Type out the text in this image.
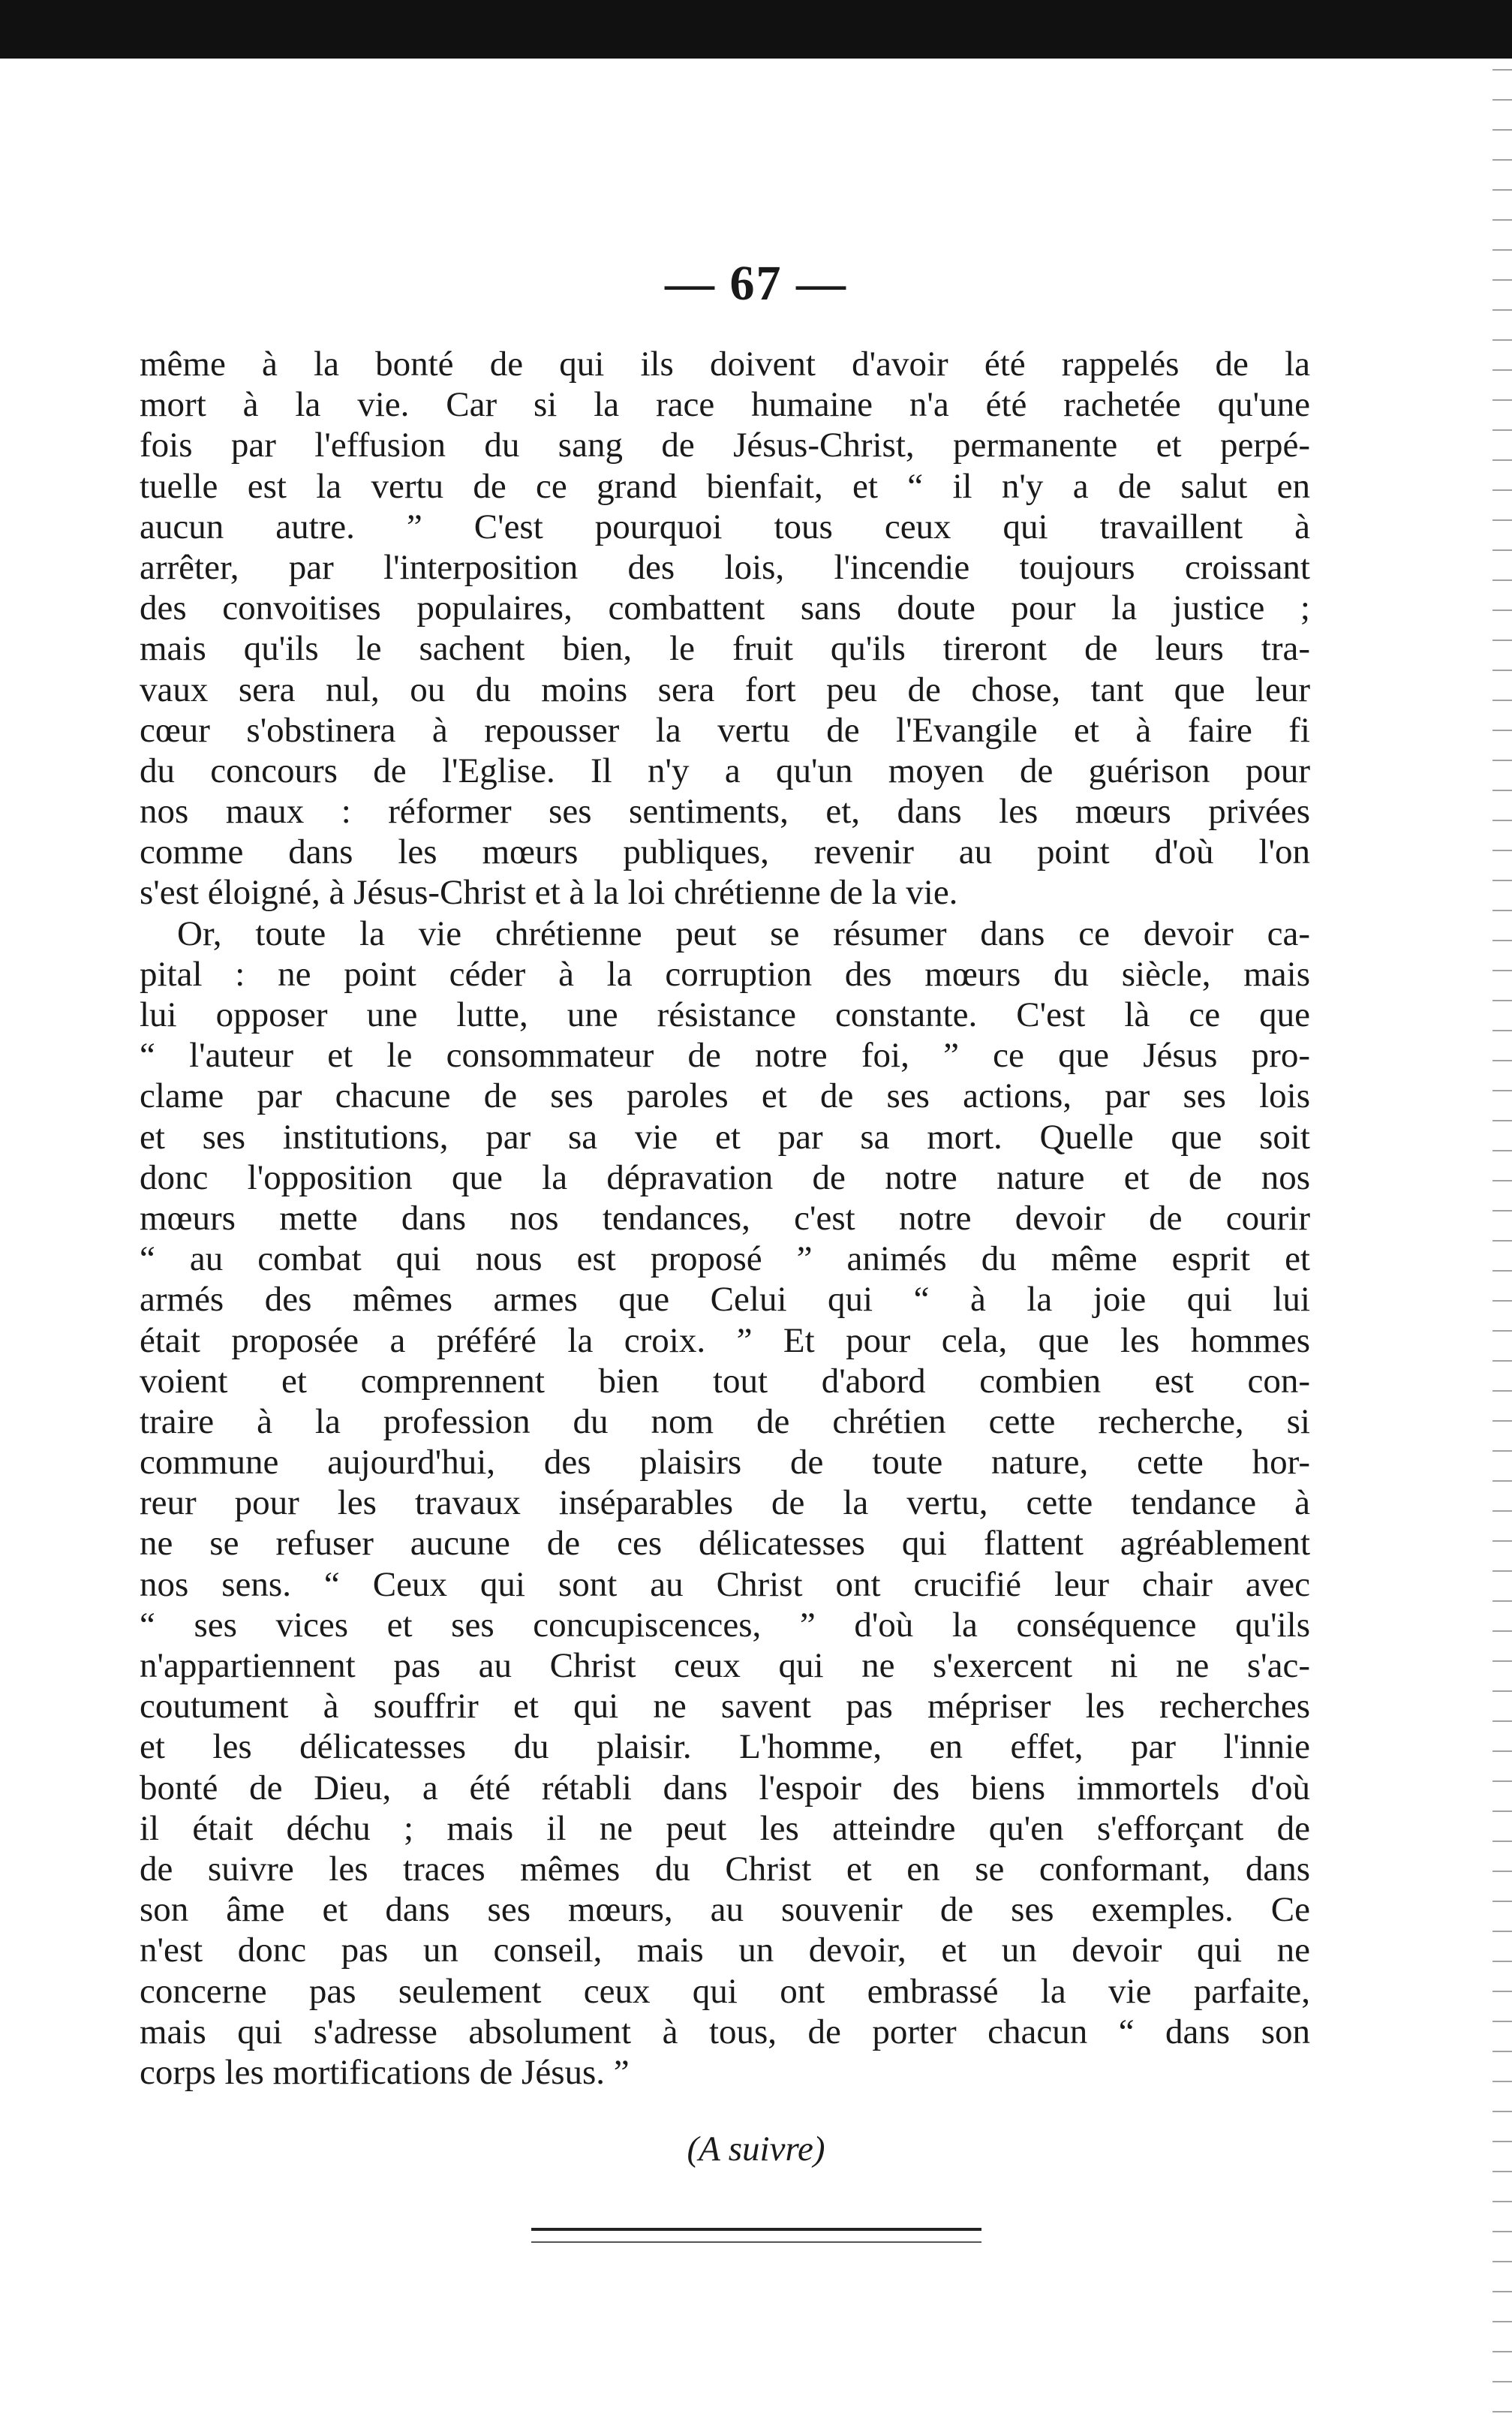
— 67 —
même à la bonté de qui ils doivent d'avoir été rappelés de la
mort à la vie. Car si la race humaine n'a été rachetée qu'une
fois par l'effusion du sang de Jésus-Christ, permanente et perpé-
tuelle est la vertu de ce grand bienfait, et “ il n'y a de salut en
aucun autre. ” C'est pourquoi tous ceux qui travaillent à
arrêter, par l'interposition des lois, l'incendie toujours croissant
des convoitises populaires, combattent sans doute pour la justice ;
mais qu'ils le sachent bien, le fruit qu'ils tireront de leurs tra-
vaux sera nul, ou du moins sera fort peu de chose, tant que leur
cœur s'obstinera à repousser la vertu de l'Evangile et à faire fi
du concours de l'Eglise. Il n'y a qu'un moyen de guérison pour
nos maux : réformer ses sentiments, et, dans les mœurs privées
comme dans les mœurs publiques, revenir au point d'où l'on
s'est éloigné, à Jésus-Christ et à la loi chrétienne de la vie.
Or, toute la vie chrétienne peut se résumer dans ce devoir ca-
pital : ne point céder à la corruption des mœurs du siècle, mais
lui opposer une lutte, une résistance constante. C'est là ce que
“ l'auteur et le consommateur de notre foi, ” ce que Jésus pro-
clame par chacune de ses paroles et de ses actions, par ses lois
et ses institutions, par sa vie et par sa mort. Quelle que soit
donc l'opposition que la dépravation de notre nature et de nos
mœurs mette dans nos tendances, c'est notre devoir de courir
“ au combat qui nous est proposé ” animés du même esprit et
armés des mêmes armes que Celui qui “ à la joie qui lui
était proposée a préféré la croix. ” Et pour cela, que les hommes
voient et comprennent bien tout d'abord combien est con-
traire à la profession du nom de chrétien cette recherche, si
commune aujourd'hui, des plaisirs de toute nature, cette hor-
reur pour les travaux inséparables de la vertu, cette tendance à
ne se refuser aucune de ces délicatesses qui flattent agréablement
nos sens. “ Ceux qui sont au Christ ont crucifié leur chair avec
“ ses vices et ses concupiscences, ” d'où la conséquence qu'ils
n'appartiennent pas au Christ ceux qui ne s'exercent ni ne s'ac-
coutument à souffrir et qui ne savent pas mépriser les recherches
et les délicatesses du plaisir. L'homme, en effet, par l'innie
bonté de Dieu, a été rétabli dans l'espoir des biens immortels d'où
il était déchu ; mais il ne peut les atteindre qu'en s'efforçant de
de suivre les traces mêmes du Christ et en se conformant, dans
son âme et dans ses mœurs, au souvenir de ses exemples. Ce
n'est donc pas un conseil, mais un devoir, et un devoir qui ne
concerne pas seulement ceux qui ont embrassé la vie parfaite,
mais qui s'adresse absolument à tous, de porter chacun “ dans son
corps les mortifications de Jésus. ”
(A suivre)
